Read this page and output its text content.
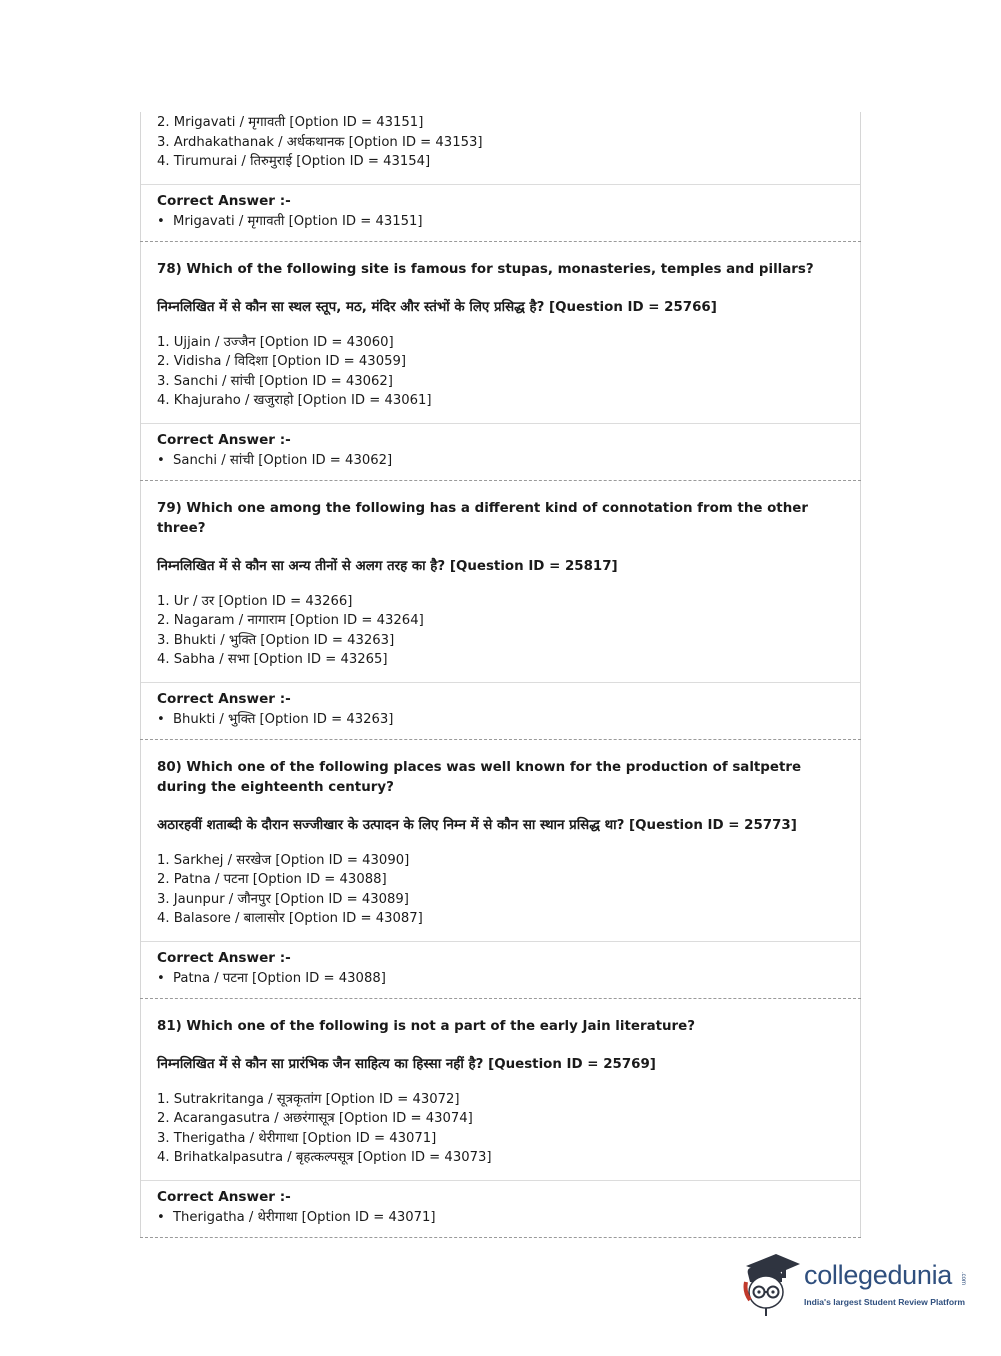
2. Mrigavati / मृगावती [Option ID = 43151]
3. Ardhakathanak / अर्धकथानक [Option ID = 43153]
4. Tirumurai / तिरुमुराई [Option ID = 43154]
Correct Answer :-
• Mrigavati / मृगावती [Option ID = 43151]
78) Which of the following site is famous for stupas, monasteries, temples and pillars?
निम्नलिखित में से कौन सा स्थल स्तूप, मठ, मंदिर और स्तंभों के लिए प्रसिद्ध है? [Question ID = 25766]
1. Ujjain / उज्जैन [Option ID = 43060]
2. Vidisha / विदिशा [Option ID = 43059]
3. Sanchi / सांची [Option ID = 43062]
4. Khajuraho / खजुराहो [Option ID = 43061]
Correct Answer :-
• Sanchi / सांची [Option ID = 43062]
79) Which one among the following has a different kind of connotation from the other three?
निम्नलिखित में से कौन सा अन्य तीनों से अलग तरह का है? [Question ID = 25817]
1. Ur / उर [Option ID = 43266]
2. Nagaram / नागाराम [Option ID = 43264]
3. Bhukti / भुक्ति [Option ID = 43263]
4. Sabha / सभा [Option ID = 43265]
Correct Answer :-
• Bhukti / भुक्ति [Option ID = 43263]
80) Which one of the following places was well known for the production of saltpetre during the eighteenth century?
अठारहवीं शताब्दी के दौरान सज्जीखार के उत्पादन के लिए निम्न में से कौन सा स्थान प्रसिद्ध था? [Question ID = 25773]
1. Sarkhej / सरखेज [Option ID = 43090]
2. Patna / पटना [Option ID = 43088]
3. Jaunpur / जौनपुर [Option ID = 43089]
4. Balasore / बालासोर [Option ID = 43087]
Correct Answer :-
• Patna / पटना [Option ID = 43088]
81) Which one of the following is not a part of the early Jain literature?
निम्नलिखित में से कौन सा प्रारंभिक जैन साहित्य का हिस्सा नहीं है? [Question ID = 25769]
1. Sutrakritanga / सूत्रकृतांग [Option ID = 43072]
2. Acarangasutra / अछरंगासूत्र [Option ID = 43074]
3. Therigatha / थेरीगाथा [Option ID = 43071]
4. Brihatkalpasutra / बृहत्कल्पसूत्र [Option ID = 43073]
Correct Answer :-
• Therigatha / थेरीगाथा [Option ID = 43071]
collegedunia .com
India's largest Student Review Platform
